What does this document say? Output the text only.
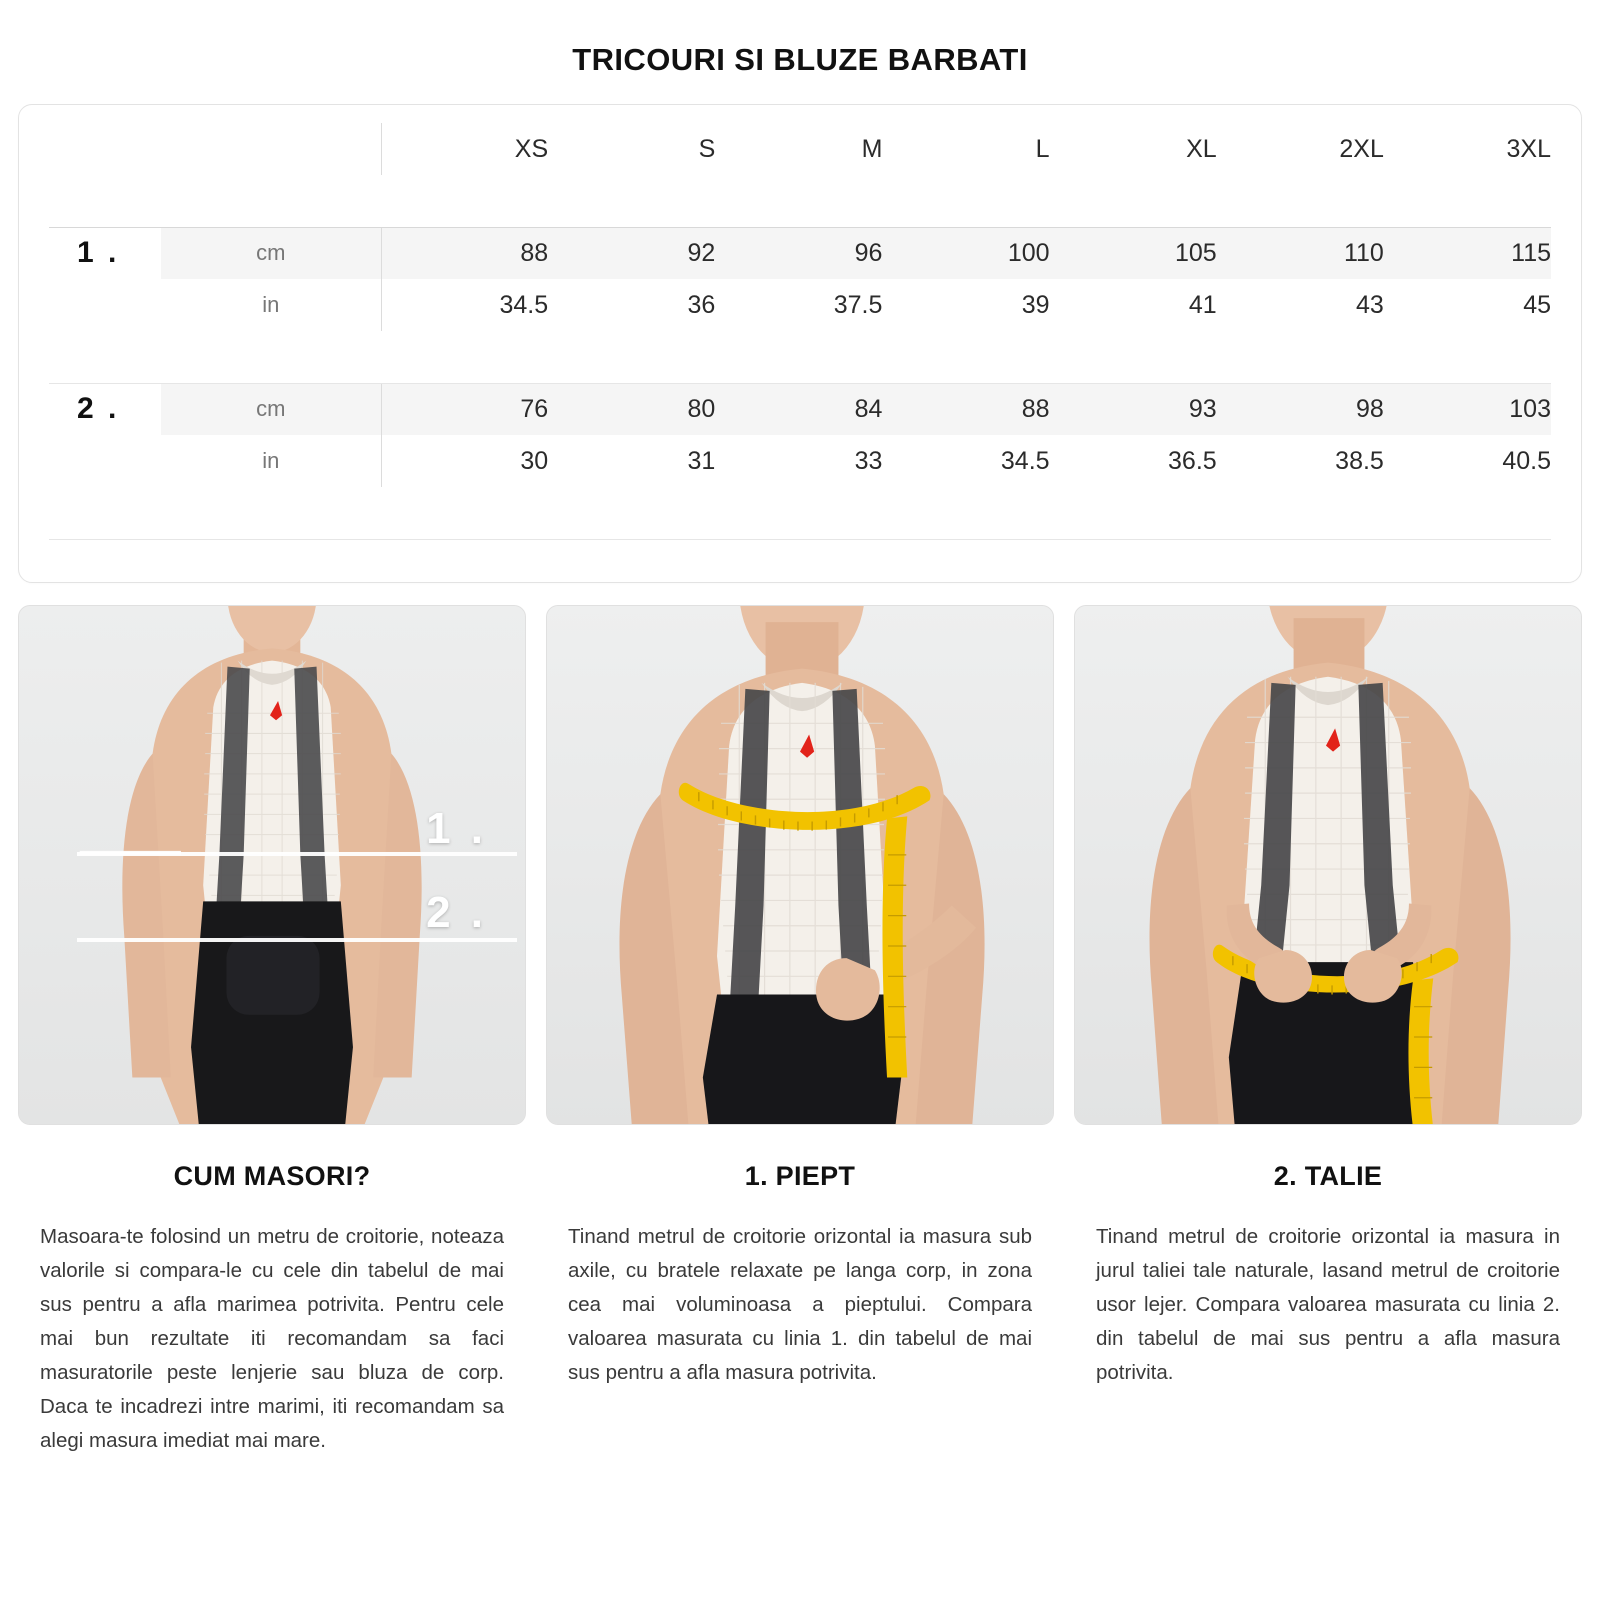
TRICOURI SI BLUZE BARBATI
		XS	S	M	L	XL	2XL	3XL

1 .	cm	88	92	96	100	105	110	115
	in	34.5	36	37.5	39	41	43	45

2 .	cm	76	80	84	88	93	98	103
	in	30	31	33	34.5	36.5	38.5	40.5

1 .
2 .
CUM MASORI?
Masoara-te folosind un metru de croitorie, noteaza valorile si compara-le cu cele din tabelul de mai sus pentru a afla marimea potrivita. Pentru cele mai bun rezultate iti recomandam sa faci masuratorile peste lenjerie sau bluza de corp. Daca te incadrezi intre marimi, iti recomandam sa alegi masura imediat mai mare.
1. PIEPT
Tinand metrul de croitorie orizontal ia masura sub axile, cu bratele relaxate pe langa corp, in zona cea mai voluminoasa a pieptului. Compara valoarea masurata cu linia 1. din tabelul de mai sus pentru a afla masura potrivita.
2. TALIE
Tinand metrul de croitorie orizontal ia masura in jurul taliei tale naturale, lasand metrul de croitorie usor lejer. Compara valoarea masurata cu linia 2. din tabelul de mai sus pentru a afla masura potrivita.
